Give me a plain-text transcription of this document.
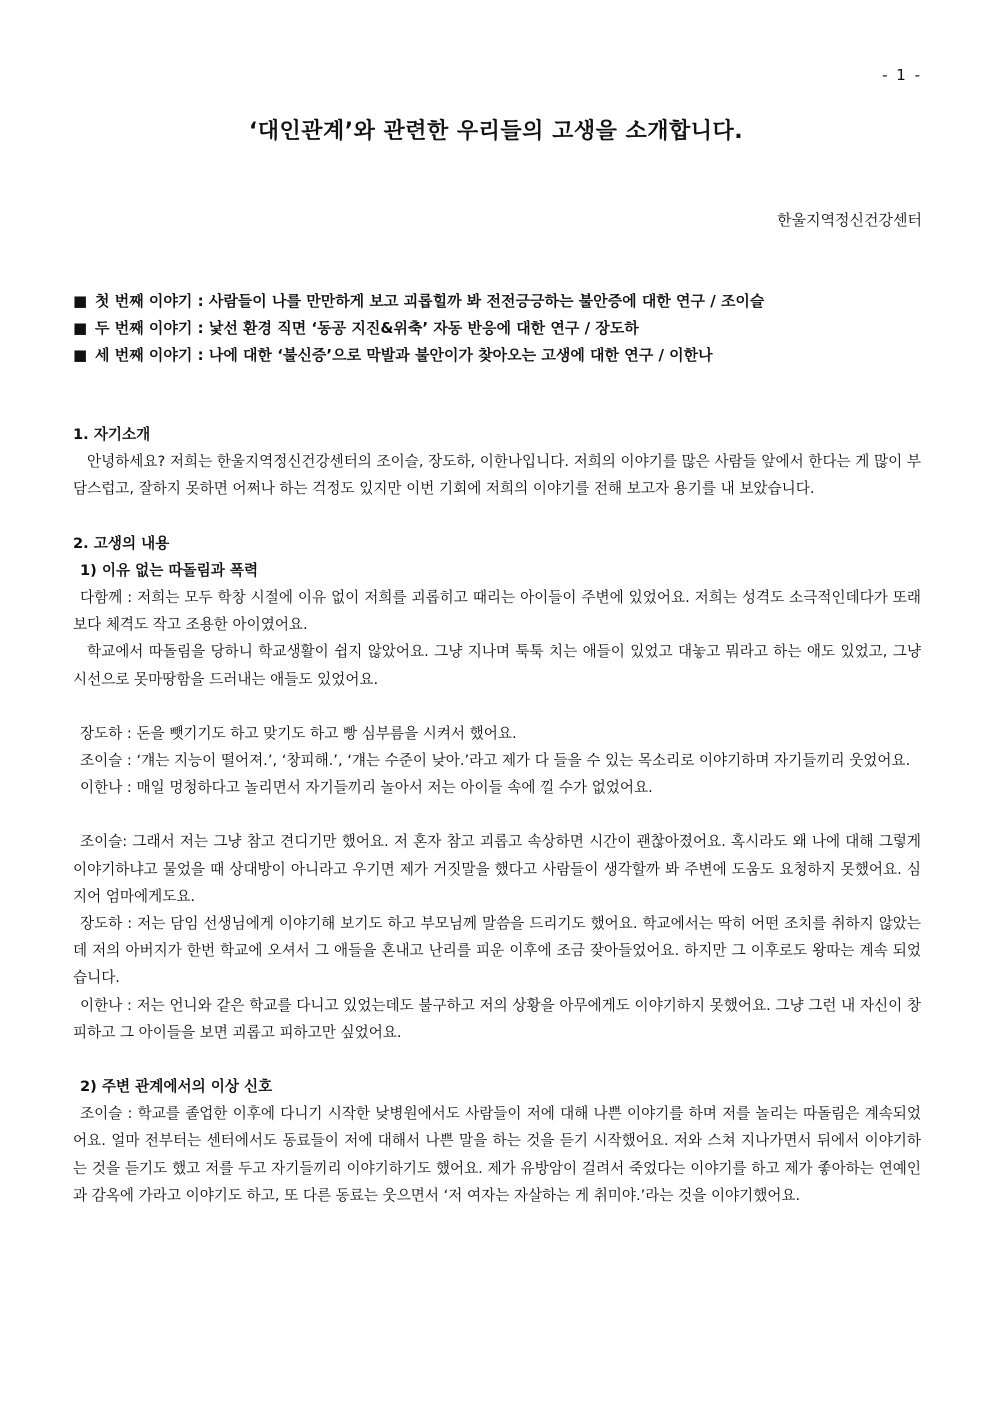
- 1 -
‘대인관계’와 관련한 우리들의 고생을 소개합니다.
한울지역정신건강센터
■ 첫 번째 이야기 : 사람들이 나를 만만하게 보고 괴롭힐까 봐 전전긍긍하는 불안증에 대한 연구 / 조이슬
■ 두 번째 이야기 : 낯선 환경 직면 ‘동공 지진&위축’ 자동 반응에 대한 연구 / 장도하
■ 세 번째 이야기 : 나에 대한 ‘불신증’으로 막발과 불안이가 찾아오는 고생에 대한 연구 / 이한나
1. 자기소개

안녕하세요? 저희는 한울지역정신건강센터의 조이슬, 장도하, 이한나입니다. 저희의 이야기를 많은 사람들 앞에서 한다는 게 많이 부담스럽고, 잘하지 못하면 어쩌나 하는 걱정도 있지만 이번 기회에 저희의 이야기를 전해 보고자 용기를 내 보았습니다.

2. 고생의 내용
1) 이유 없는 따돌림과 폭력

다함께 : 저희는 모두 학창 시절에 이유 없이 저희를 괴롭히고 때리는 아이들이 주변에 있었어요. 저희는 성격도 소극적인데다가 또래보다 체격도 작고 조용한 아이였어요.

학교에서 따돌림을 당하니 학교생활이 쉽지 않았어요. 그냥 지나며 툭툭 치는 애들이 있었고 대놓고 뭐라고 하는 애도 있었고, 그냥 시선으로 못마땅함을 드러내는 애들도 있었어요.

장도하 : 돈을 뺏기기도 하고 맞기도 하고 빵 심부름을 시켜서 했어요.

조이슬 : ‘걔는 지능이 떨어져.’, ‘창피해.’, ‘걔는 수준이 낮아.’라고 제가 다 들을 수 있는 목소리로 이야기하며 자기들끼리 웃었어요.

이한나 : 매일 멍청하다고 놀리면서 자기들끼리 놀아서 저는 아이들 속에 낄 수가 없었어요.

조이슬: 그래서 저는 그냥 참고 견디기만 했어요. 저 혼자 참고 괴롭고 속상하면 시간이 괜찮아졌어요. 혹시라도 왜 나에 대해 그렇게 이야기하냐고 물었을 때 상대방이 아니라고 우기면 제가 거짓말을 했다고 사람들이 생각할까 봐 주변에 도움도 요청하지 못했어요. 심지어 엄마에게도요.

장도하 : 저는 담임 선생님에게 이야기해 보기도 하고 부모님께 말씀을 드리기도 했어요. 학교에서는 딱히 어떤 조치를 취하지 않았는데 저의 아버지가 한번 학교에 오셔서 그 애들을 혼내고 난리를 피운 이후에 조금 잦아들었어요. 하지만 그 이후로도 왕따는 계속 되었습니다.

이한나 : 저는 언니와 같은 학교를 다니고 있었는데도 불구하고 저의 상황을 아무에게도 이야기하지 못했어요. 그냥 그런 내 자신이 창피하고 그 아이들을 보면 괴롭고 피하고만 싶었어요.

2) 주변 관계에서의 이상 신호

조이슬 : 학교를 졸업한 이후에 다니기 시작한 낮병원에서도 사람들이 저에 대해 나쁜 이야기를 하며 저를 놀리는 따돌림은 계속되었어요. 얼마 전부터는 센터에서도 동료들이 저에 대해서 나쁜 말을 하는 것을 듣기 시작했어요. 저와 스쳐 지나가면서 뒤에서 이야기하는 것을 듣기도 했고 저를 두고 자기들끼리 이야기하기도 했어요. 제가 유방암이 걸려서 죽었다는 이야기를 하고 제가 좋아하는 연예인과 감옥에 가라고 이야기도 하고, 또 다른 동료는 웃으면서 ‘저 여자는 자살하는 게 취미야.’라는 것을 이야기했어요.
